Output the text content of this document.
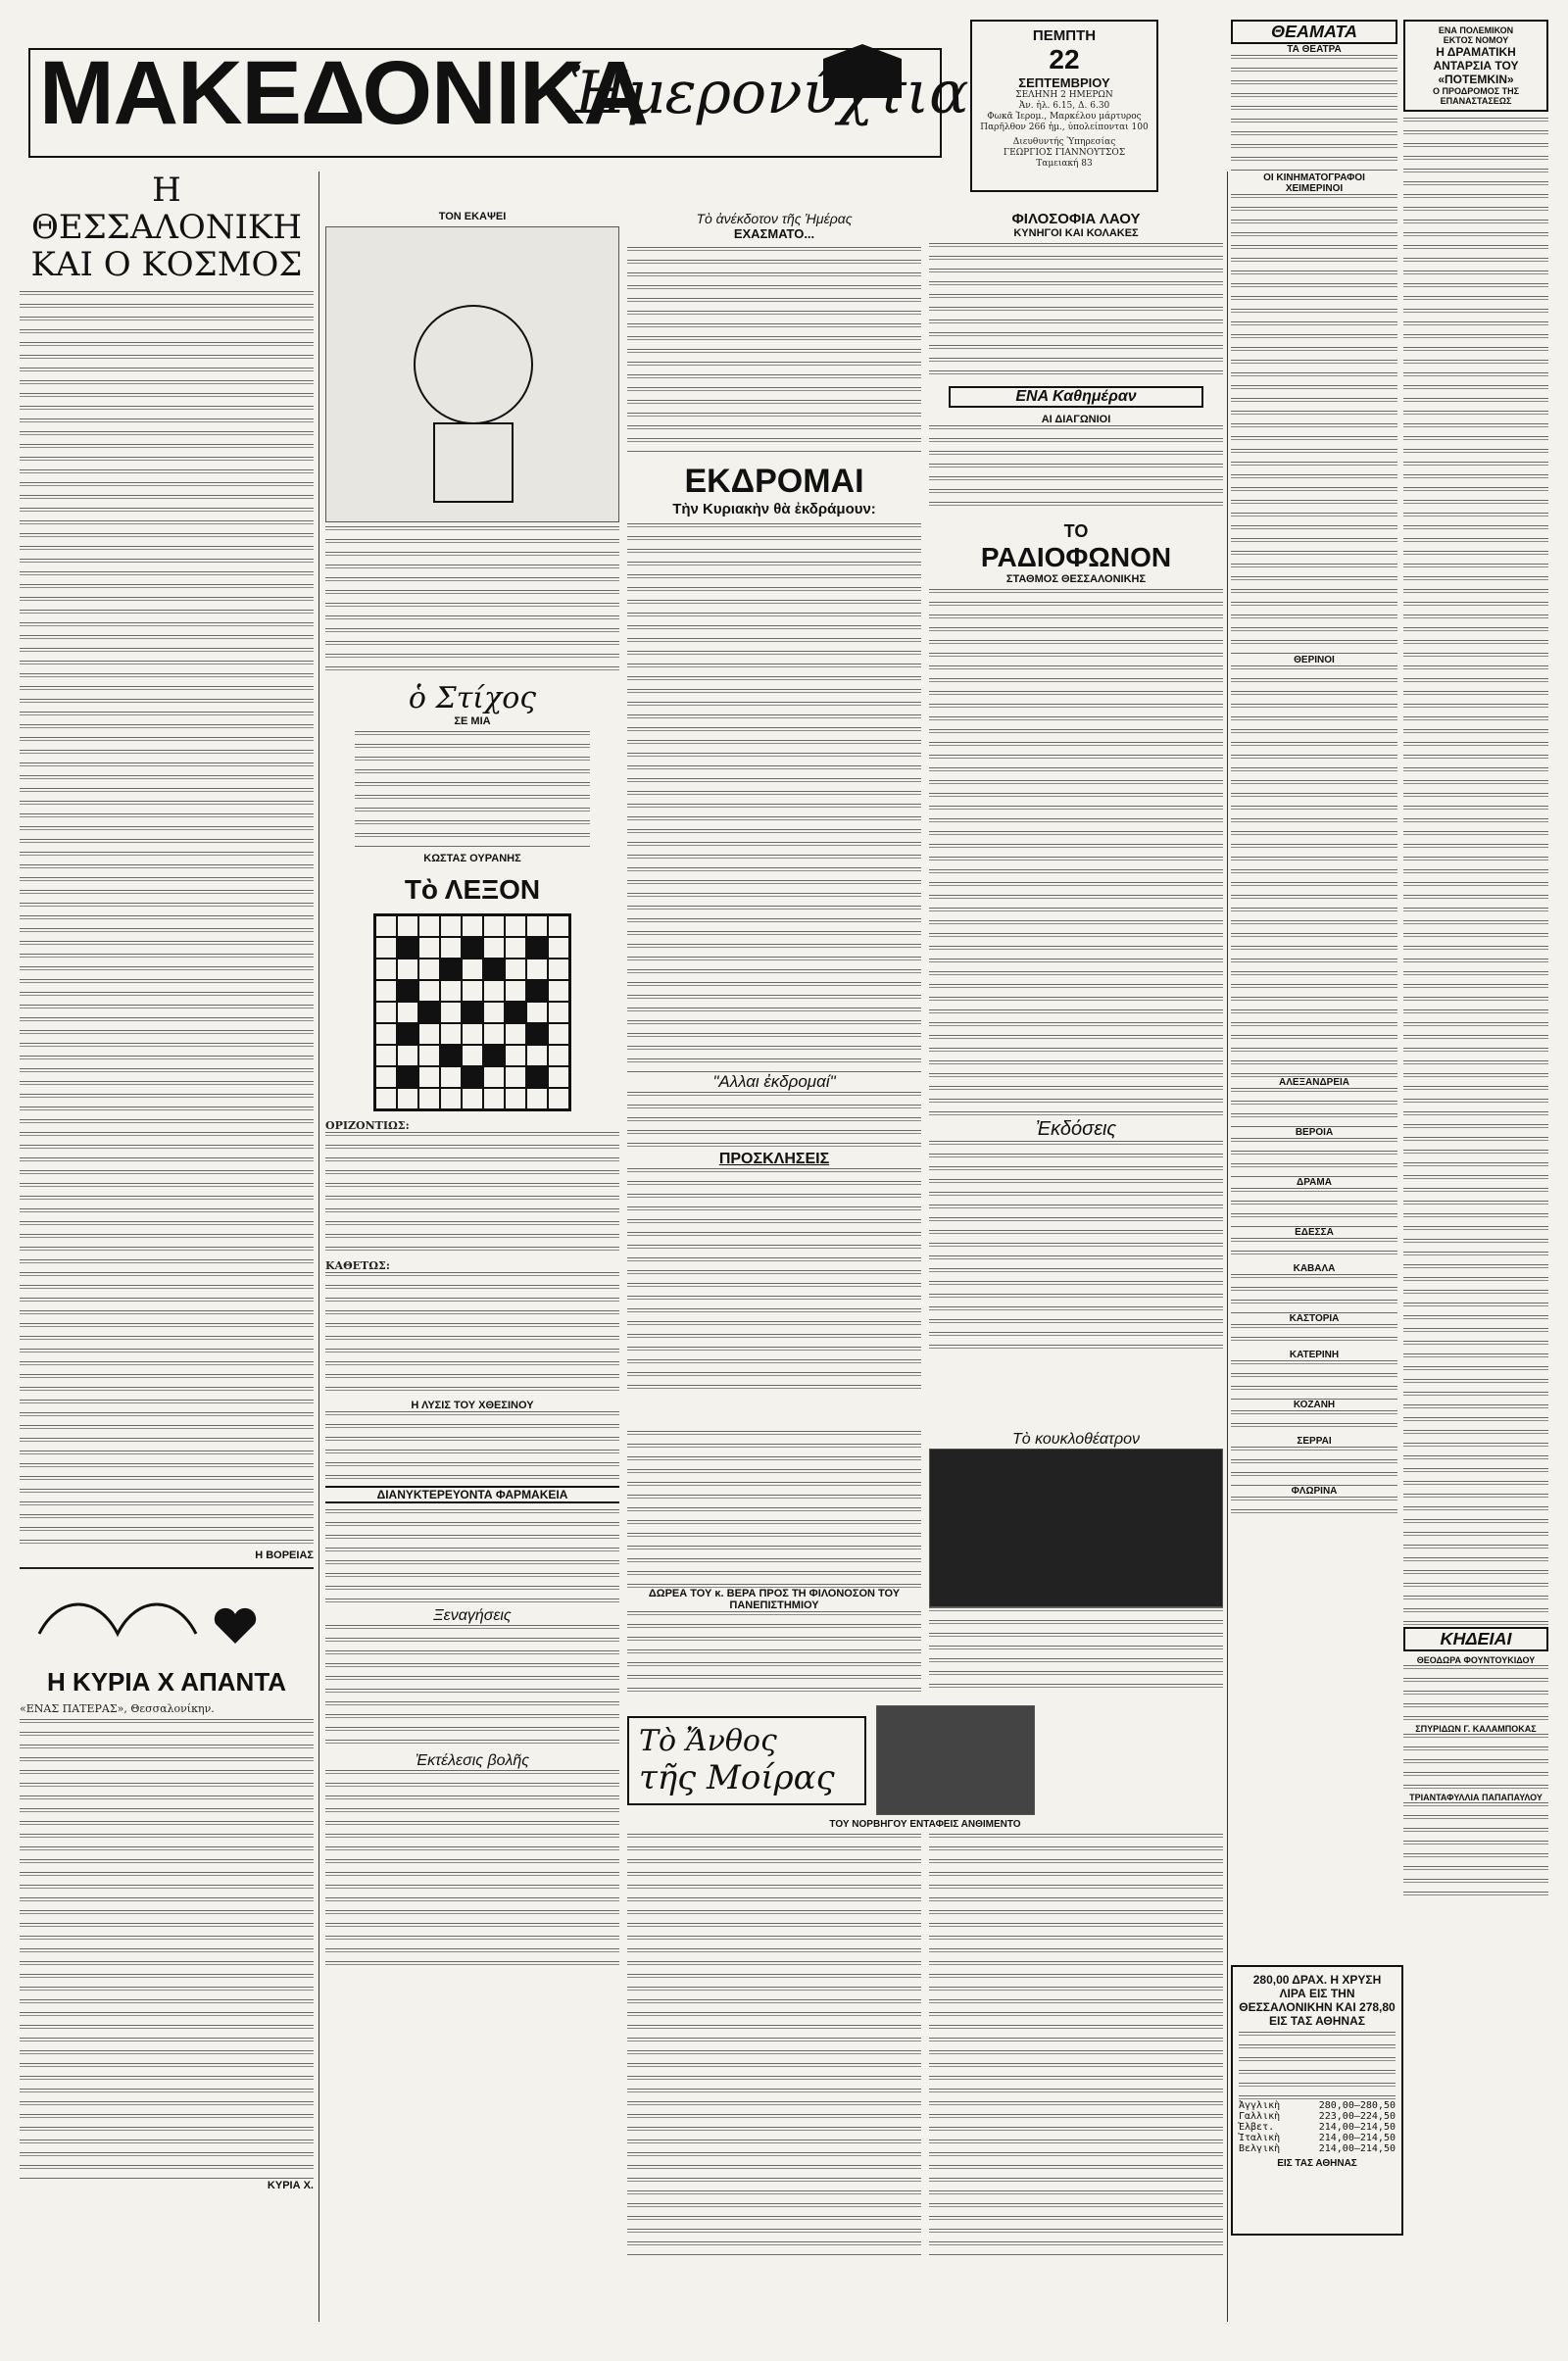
ΜΑΚΕΔΟΝΙΚΑ
Ἡμερονύχτια
ΠΕΜΠΤΗ
22
ΣΕΠΤΕΜΒΡΙΟΥ
ΣΕΛΗΝΗ 2 ΗΜΕΡΩΝ
Ἀν. ἡλ. 6.15, Δ. 6.30
Φωκᾶ Ἱερομ., Μαρκέλου μάρτυρος
Παρῆλθον 266 ἡμ., ὑπολείπονται 100
Διευθυντής Ὑπηρεσίας
ΓΕΩΡΓΙΟΣ ΓΙΑΝΝΟΥΤΣΟΣ
Ταμειακή 83
Η ΘΕΣΣΑΛΟΝΙΚΗ ΚΑΙ Ο ΚΟΣΜΟΣ
Η ΒΟΡΕΙΑΣ
Η ΚΥΡΙΑ Χ ΑΠΑΝΤΑ
«ΕΝΑΣ ΠΑΤΕΡΑΣ», Θεσσαλονίκην.
ΚΥΡΙΑ Χ.
ΤΟΝ ΕΚΑΨΕΙ
ὁ Στίχος
ΣΕ ΜΙΑ
ΚΩΣΤΑΣ ΟΥΡΑΝΗΣ
Τὸ ΛΕΞΟΝ
ΟΡΙΖΟΝΤΙΩΣ:
ΚΑΘΕΤΩΣ:
Η ΛΥΣΙΣ ΤΟΥ ΧΘΕΣΙΝΟΥ
ΔΙΑΝΥΚΤΕΡΕΥΟΝΤΑ ΦΑΡΜΑΚΕΙΑ
Ξεναγήσεις
Ἐκτέλεσις βολῆς
Τὸ ἀνέκδοτον τῆς Ἡμέρας
ΕΧΑΣΜΑΤΟ...
ΕΚΔΡΟΜΑΙ
Τὴν Κυριακὴν θὰ ἐκδράμουν:
"Αλλαι ἐκδρομαί"
ΠΡΟΣΚΛΗΣΕΙΣ
ΦΙΛΟΣΟΦΙΑ ΛΑΟΥ
ΚΥΝΗΓΟΙ ΚΑΙ ΚΟΛΑΚΕΣ
ΕΝΑ Καθημέραν
ΑΙ ΔΙΑΓΩΝΙΟΙ
ΤΟ
ΡΑΔΙΟΦΩΝΟΝ
ΣΤΑΘΜΟΣ ΘΕΣΣΑΛΟΝΙΚΗΣ
Ἐκδόσεις
ΔΩΡΕΑ ΤΟΥ κ. ΒΕΡΑ ΠΡΟΣ ΤΗ ΦΙΛΟΝΟΣΟΝ ΤΟΥ ΠΑΝΕΠΙΣΤΗΜΙΟΥ
Τὸ κουκλοθέατρον
Τὸ Ἄνθος
τῆς Μοίρας
ΤΟΥ ΝΟΡΒΗΓΟΥ ΕΝΤΑΦΕΙΣ ΑΝΘΙΜΕΝΤΟ
ΘΕΑΜΑΤΑ
ΤΑ ΘΕΑΤΡΑ
ΟΙ ΚΙΝΗΜΑΤΟΓΡΑΦΟΙ
ΧΕΙΜΕΡΙΝΟΙ
ΘΕΡΙΝΟΙ
ΑΛΕΞΑΝΔΡΕΙΑ
ΒΕΡΟΙΑ
ΔΡΑΜΑ
ΕΔΕΣΣΑ
ΚΑΒΑΛΑ
ΚΑΣΤΟΡΙΑ
ΚΑΤΕΡΙΝΗ
ΚΟΖΑΝΗ
ΣΕΡΡΑΙ
ΦΛΩΡΙΝΑ
ΕΝΑ ΠΟΛΕΜΙΚΟΝ
ΕΚΤΟΣ ΝΟΜΟΥ
Η ΔΡΑΜΑΤΙΚΗ ΑΝΤΑΡΣΙΑ ΤΟΥ «ΠΟΤΕΜΚΙΝ»
Ο ΠΡΟΔΡΟΜΟΣ ΤΗΣ ΕΠΑΝΑΣΤΑΣΕΩΣ
ΚΗΔΕΙΑΙ
ΘΕΟΔΩΡΑ ΦΟΥΝΤΟΥΚΙΔΟΥ
ΣΠΥΡΙΔΩΝ Γ. ΚΑΛΑΜΠΟΚΑΣ
ΤΡΙΑΝΤΑΦΥΛΛΙΑ ΠΑΠΑΠΑΥΛΟΥ
280,00 ΔΡΑΧ. Η ΧΡΥΣΗ ΛΙΡΑ ΕΙΣ ΤΗΝ ΘΕΣΣΑΛΟΝΙΚΗΝ ΚΑΙ 278,80 ΕΙΣ ΤΑΣ ΑΘΗΝΑΣ
Ἀγγλικὴ	280,00—280,50
Γαλλικὴ	223,00—224,50
Ἑλβετ.	214,00—214,50
Ἰταλικὴ	214,00—214,50
Βελγικὴ	214,00—214,50
ΕΙΣ ΤΑΣ ΑΘΗΝΑΣ
